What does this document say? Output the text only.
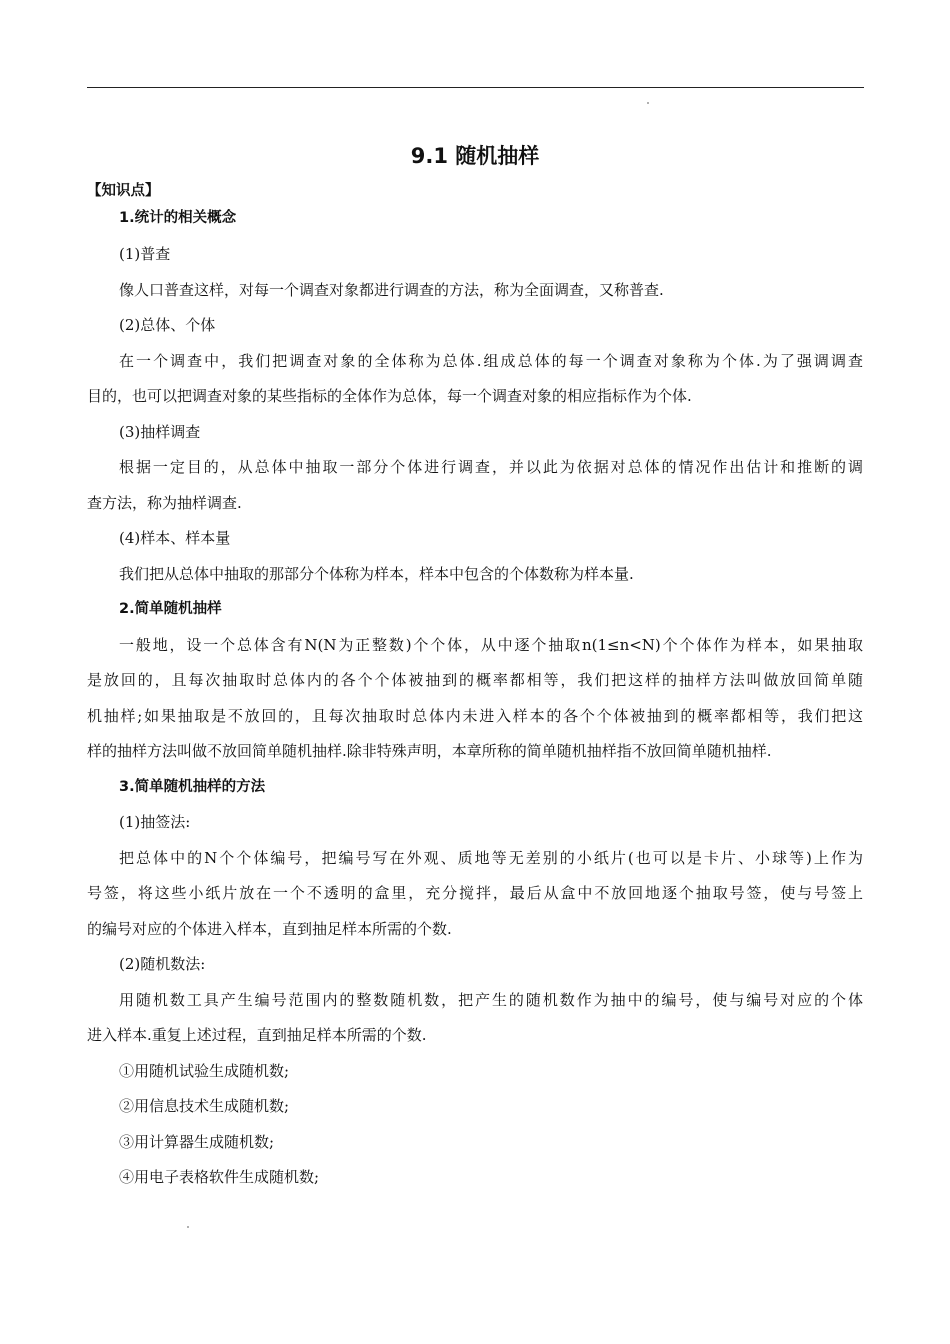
9.1 随机抽样
【知识点】
1.统计的相关概念
(1)普查
像人口普查这样，对每一个调查对象都进行调查的方法，称为全面调查，又称普查.
(2)总体、个体
在一个调查中，我们把调查对象的全体称为总体.组成总体的每一个调查对象称为个体.为了强调调查
目的，也可以把调查对象的某些指标的全体作为总体，每一个调查对象的相应指标作为个体.
(3)抽样调查
根据一定目的，从总体中抽取一部分个体进行调查，并以此为依据对总体的情况作出估计和推断的调
查方法，称为抽样调查.
(4)样本、样本量
我们把从总体中抽取的那部分个体称为样本，样本中包含的个体数称为样本量.
2.简单随机抽样
一般地，设一个总体含有N(N为正整数)个个体，从中逐个抽取n(1≤n<N)个个体作为样本，如果抽取
是放回的，且每次抽取时总体内的各个个体被抽到的概率都相等，我们把这样的抽样方法叫做放回简单随
机抽样;如果抽取是不放回的，且每次抽取时总体内未进入样本的各个个体被抽到的概率都相等，我们把这
样的抽样方法叫做不放回简单随机抽样.除非特殊声明，本章所称的简单随机抽样指不放回简单随机抽样.
3.简单随机抽样的方法
(1)抽签法:
把总体中的N个个体编号，把编号写在外观、质地等无差别的小纸片(也可以是卡片、小球等)上作为
号签，将这些小纸片放在一个不透明的盒里，充分搅拌，最后从盒中不放回地逐个抽取号签，使与号签上
的编号对应的个体进入样本，直到抽足样本所需的个数.
(2)随机数法:
用随机数工具产生编号范围内的整数随机数，把产生的随机数作为抽中的编号，使与编号对应的个体
进入样本.重复上述过程，直到抽足样本所需的个数.
①用随机试验生成随机数;
②用信息技术生成随机数;
③用计算器生成随机数;
④用电子表格软件生成随机数;
